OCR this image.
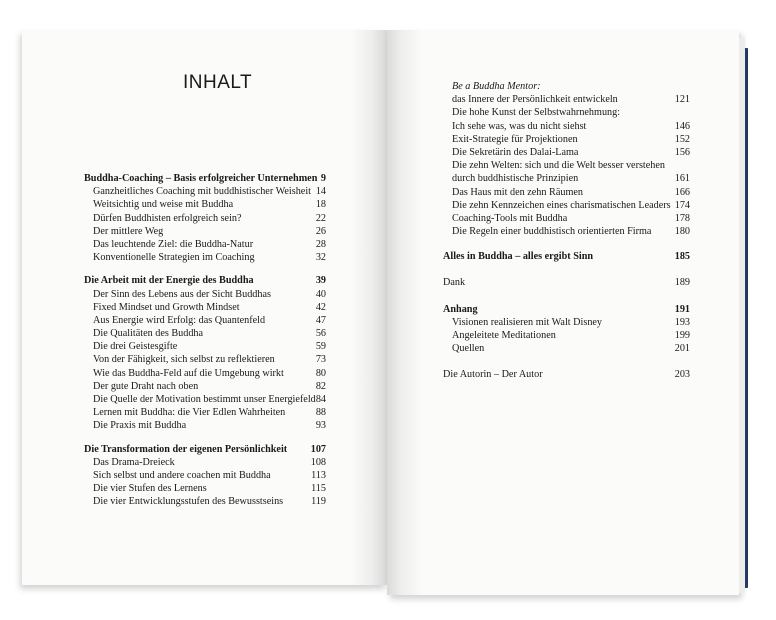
INHALT
Buddha-Coaching – Basis erfolgreicher Unternehmen 9
Ganzheitliches Coaching mit buddhistischer Weisheit 14
Weitsichtig und weise mit Buddha	18
Dürfen Buddhisten erfolgreich sein?	22
Der mittlere Weg	26
Das leuchtende Ziel: die Buddha-Natur	28
Konventionelle Strategien im Coaching	32
Die Arbeit mit der Energie des Buddha	39
Der Sinn des Lebens aus der Sicht Buddhas	40
Fixed Mindset und Growth Mindset	42
Aus Energie wird Erfolg: das Quantenfeld	47
Die Qualitäten des Buddha	56
Die drei Geistesgifte	59
Von der Fähigkeit, sich selbst zu reflektieren	73
Wie das Buddha-Feld auf die Umgebung wirkt	80
Der gute Draht nach oben	82
Die Quelle der Motivation bestimmt unser Energiefeld 84
Lernen mit Buddha: die Vier Edlen Wahrheiten	88
Die Praxis mit Buddha	93
Die Transformation der eigenen Persönlichkeit 107
Das Drama-Dreieck	108
Sich selbst und andere coachen mit Buddha	113
Die vier Stufen des Lernens	115
Die vier Entwicklungsstufen des Bewusstseins	119
Be a Buddha Mentor:
das Innere der Persönlichkeit entwickeln	121
Die hohe Kunst der Selbstwahrnehmung:
Ich sehe was, was du nicht siehst	146
Exit-Strategie für Projektionen	152
Die Sekretärin des Dalai-Lama	156
Die zehn Welten: sich und die Welt besser verstehen
durch buddhistische Prinzipien	161
Das Haus mit den zehn Räumen	166
Die zehn Kennzeichen eines charismatischen Leaders 174
Coaching-Tools mit Buddha	178
Die Regeln einer buddhistisch orientierten Firma 180
Alles in Buddha – alles ergibt Sinn	185
Dank	189
Anhang	191
Visionen realisieren mit Walt Disney	193
Angeleitete Meditationen	199
Quellen	201
Die Autorin – Der Autor	203
